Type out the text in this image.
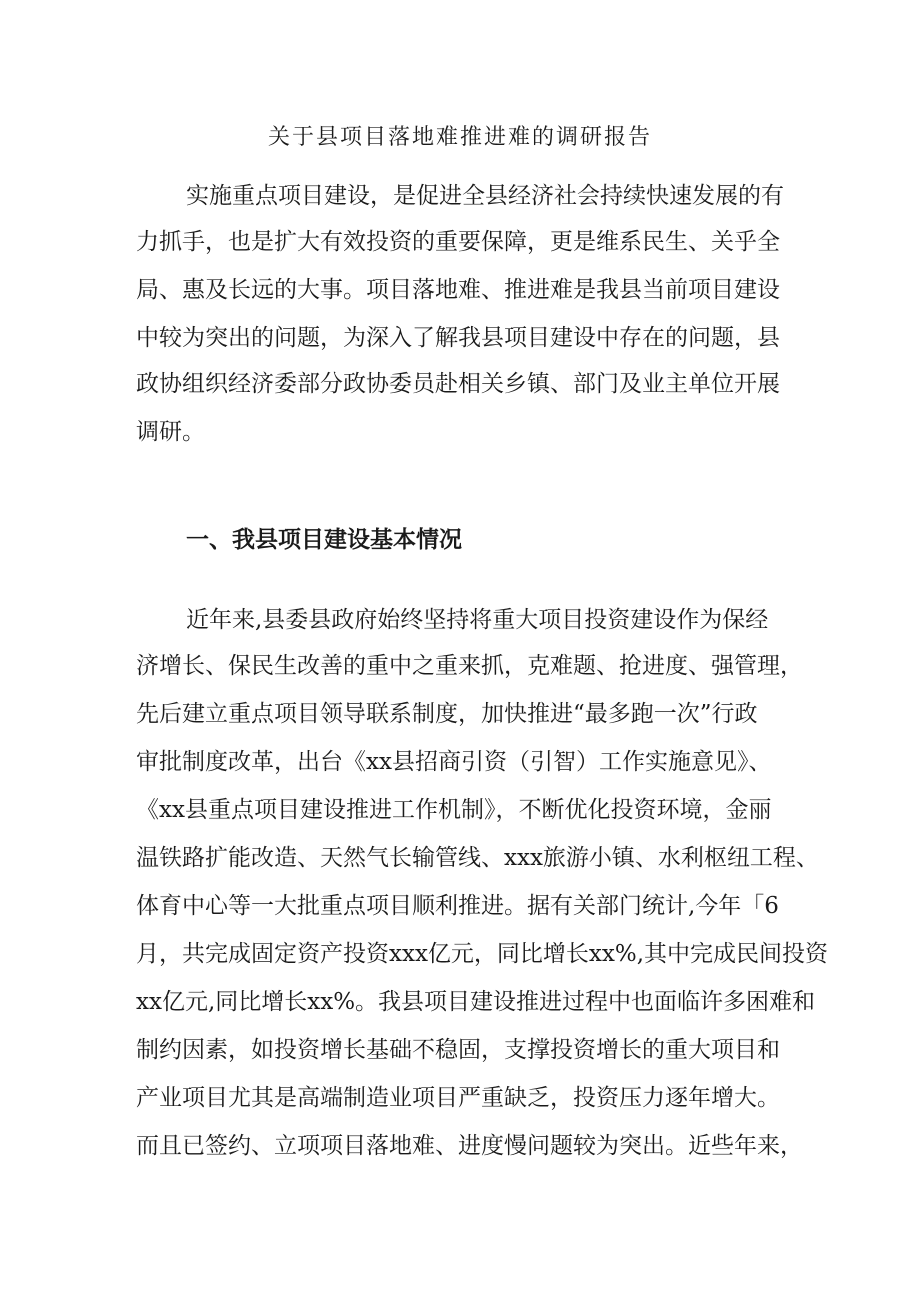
关于县项目落地难推进难的调研报告

实施重点项目建设，是促进全县经济社会持续快速发展的有

力抓手，也是扩大有效投资的重要保障，更是维系民生、关乎全

局、惠及长远的大事。项目落地难、推进难是我县当前项目建设

中较为突出的问题，为深入了解我县项目建设中存在的问题，县

政协组织经济委部分政协委员赴相关乡镇、部门及业主单位开展

调研。

一、我县项目建设基本情况

近年来,县委县政府始终坚持将重大项目投资建设作为保经

济增长、保民生改善的重中之重来抓，克难题、抢进度、强管理，

先后建立重点项目领导联系制度，加快推进“最多跑一次”行政

审批制度改革，出台《xx县招商引资（引智）工作实施意见》、

《xx县重点项目建设推进工作机制》，不断优化投资环境，金丽

温铁路扩能改造、天然气长输管线、xxx旅游小镇、水利枢纽工程、

体育中心等一大批重点项目顺利推进。据有关部门统计,今年「6

月，共完成固定资产投资xxx亿元，同比增长xx%,其中完成民间投资

xx亿元,同比增长xx%。我县项目建设推进过程中也面临许多困难和

制约因素，如投资增长基础不稳固，支撑投资增长的重大项目和

产业项目尤其是高端制造业项目严重缺乏，投资压力逐年增大。

而且已签约、立项项目落地难、进度慢问题较为突出。近些年来，
